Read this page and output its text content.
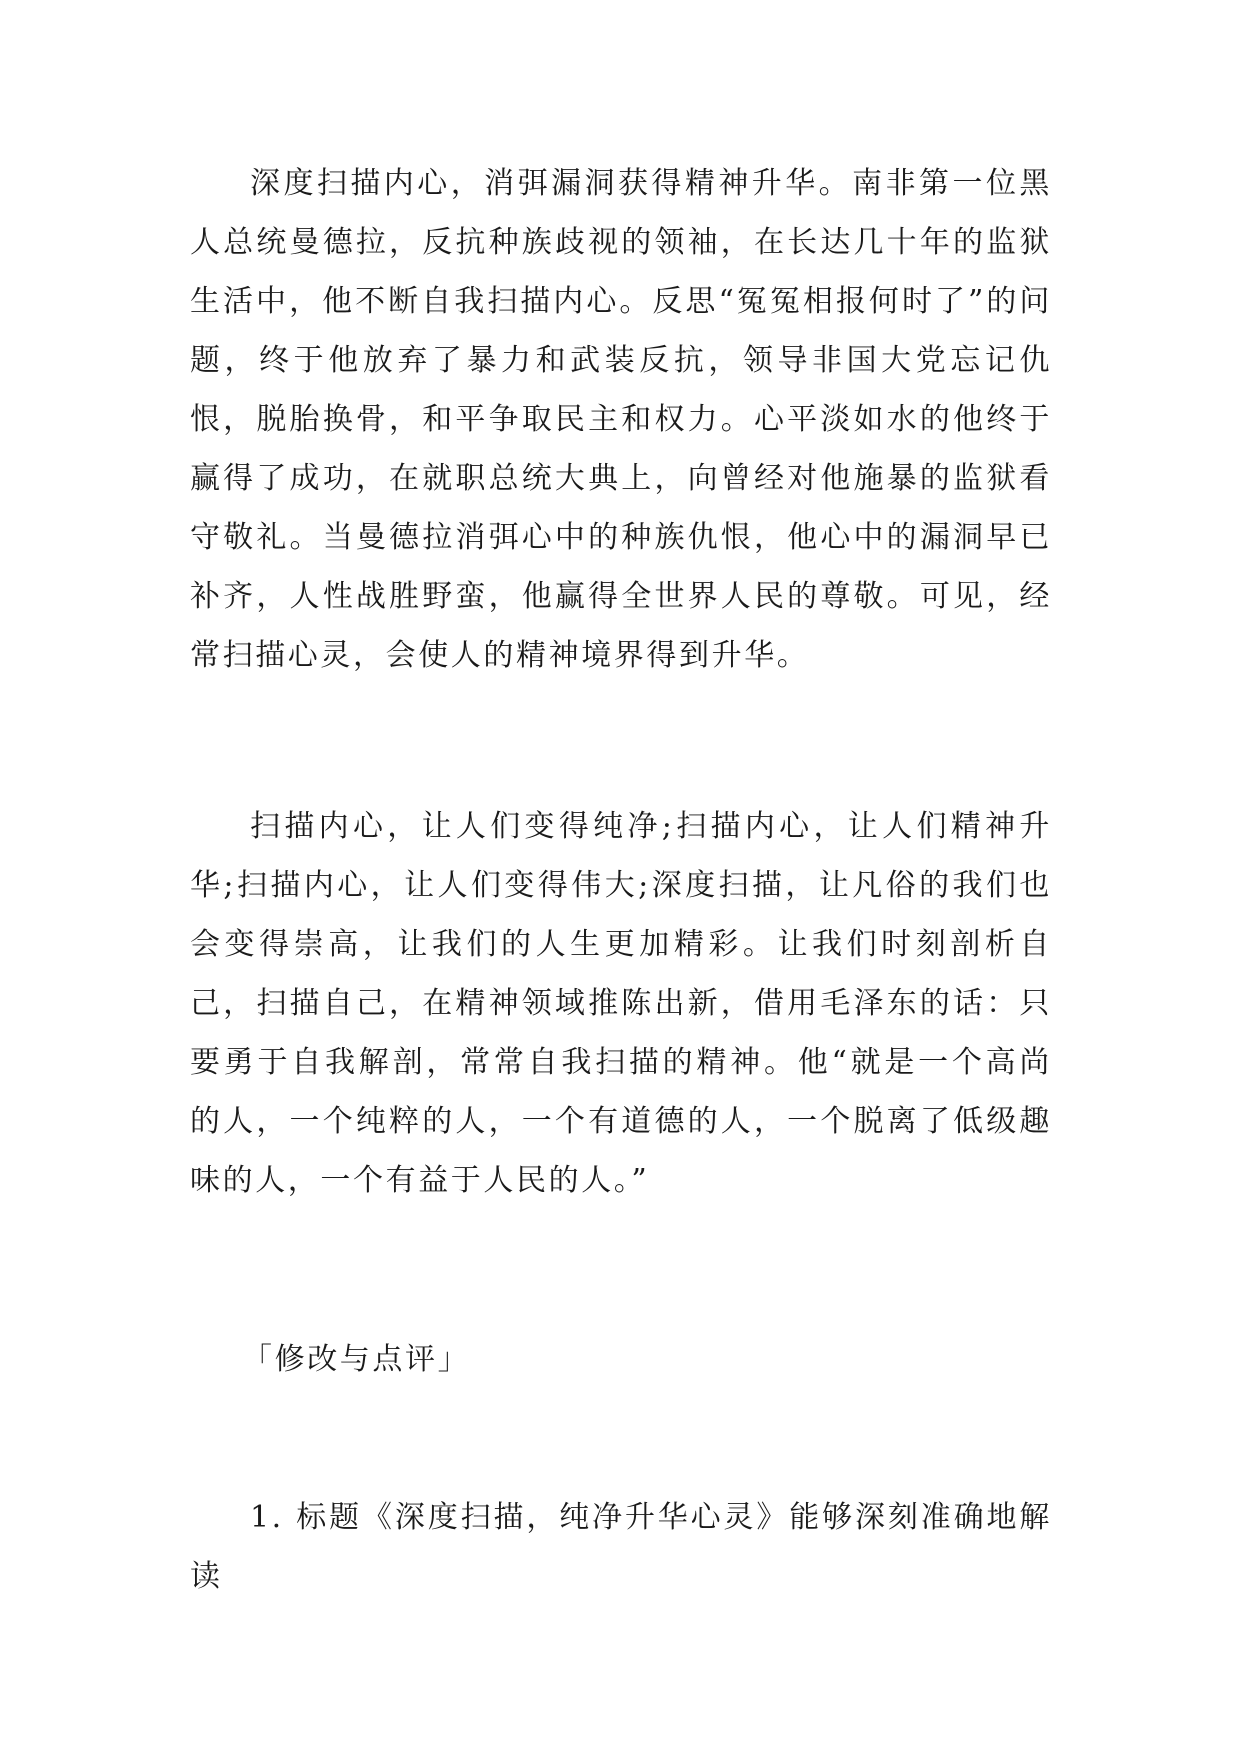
深度扫描内心，消弭漏洞获得精神升华。南非第一位黑人总统曼德拉，反抗种族歧视的领袖，在长达几十年的监狱生活中，他不断自我扫描内心。反思“冤冤相报何时了”的问题，终于他放弃了暴力和武装反抗，领导非国大党忘记仇恨，脱胎换骨，和平争取民主和权力。心平淡如水的他终于赢得了成功，在就职总统大典上，向曾经对他施暴的监狱看守敬礼。当曼德拉消弭心中的种族仇恨，他心中的漏洞早已补齐，人性战胜野蛮，他赢得全世界人民的尊敬。可见，经常扫描心灵，会使人的精神境界得到升华。

扫描内心，让人们变得纯净;扫描内心，让人们精神升华;扫描内心，让人们变得伟大;深度扫描，让凡俗的我们也会变得崇高，让我们的人生更加精彩。让我们时刻剖析自己，扫描自己，在精神领域推陈出新，借用毛泽东的话：只要勇于自我解剖，常常自我扫描的精神。他“就是一个高尚的人，一个纯粹的人，一个有道德的人，一个脱离了低级趣味的人，一个有益于人民的人。”

「修改与点评」

1. 标题《深度扫描，纯净升华心灵》能够深刻准确地解读
